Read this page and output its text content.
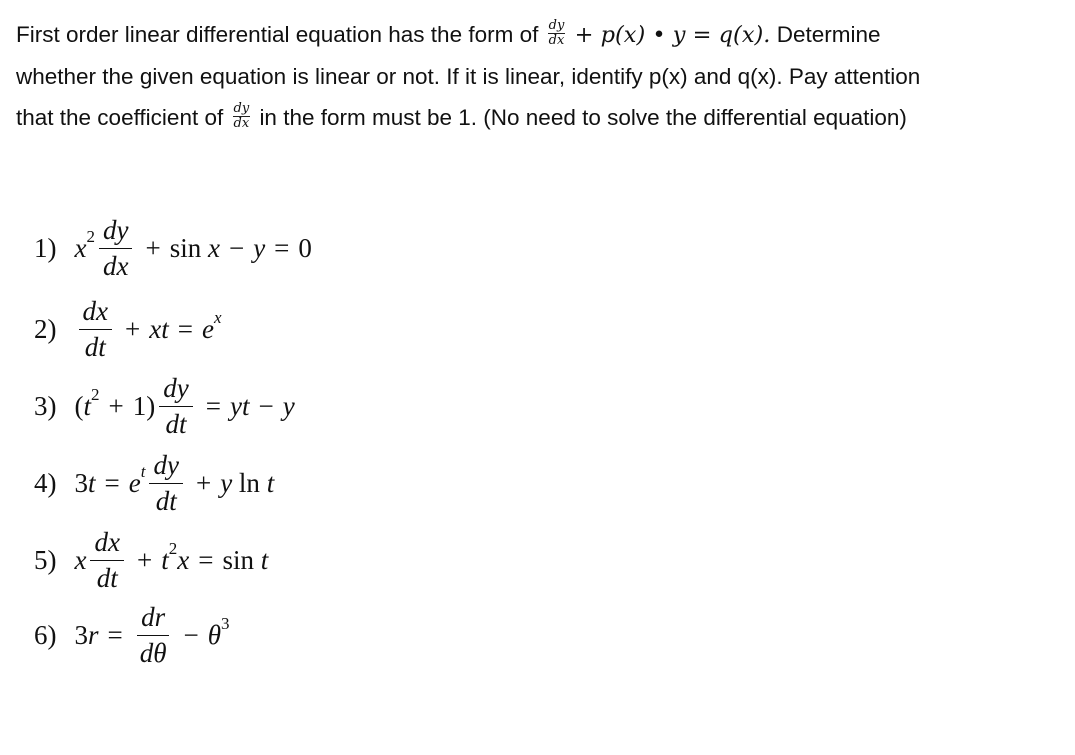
First order linear differential equation has the form of $\frac{dy}{dx} + p(x)$ • y = q(x). Determine
whether the given equation is linear or not. If it is linear, identify p(x) and q(x). Pay attention
that the coefficient of $\frac{dy}{dx}$ in the form must be 1. (No need to solve the differential equation)
1) x $2 \frac{dy}{dx} + \sin$
x − y = 0
$2) \frac{dx}{dt}$ + xt = e x
3) ( t $2 + 1) \frac{dy}{dt}$ = yt − y
4) 3 t = e t $\frac{dy}{dt} + y$
ln
t
5) x $\frac{dx}{dt} + t$ 2 x = sin
t
6) 3 $r = \frac{dr}{d\theta} - \theta$ 3
